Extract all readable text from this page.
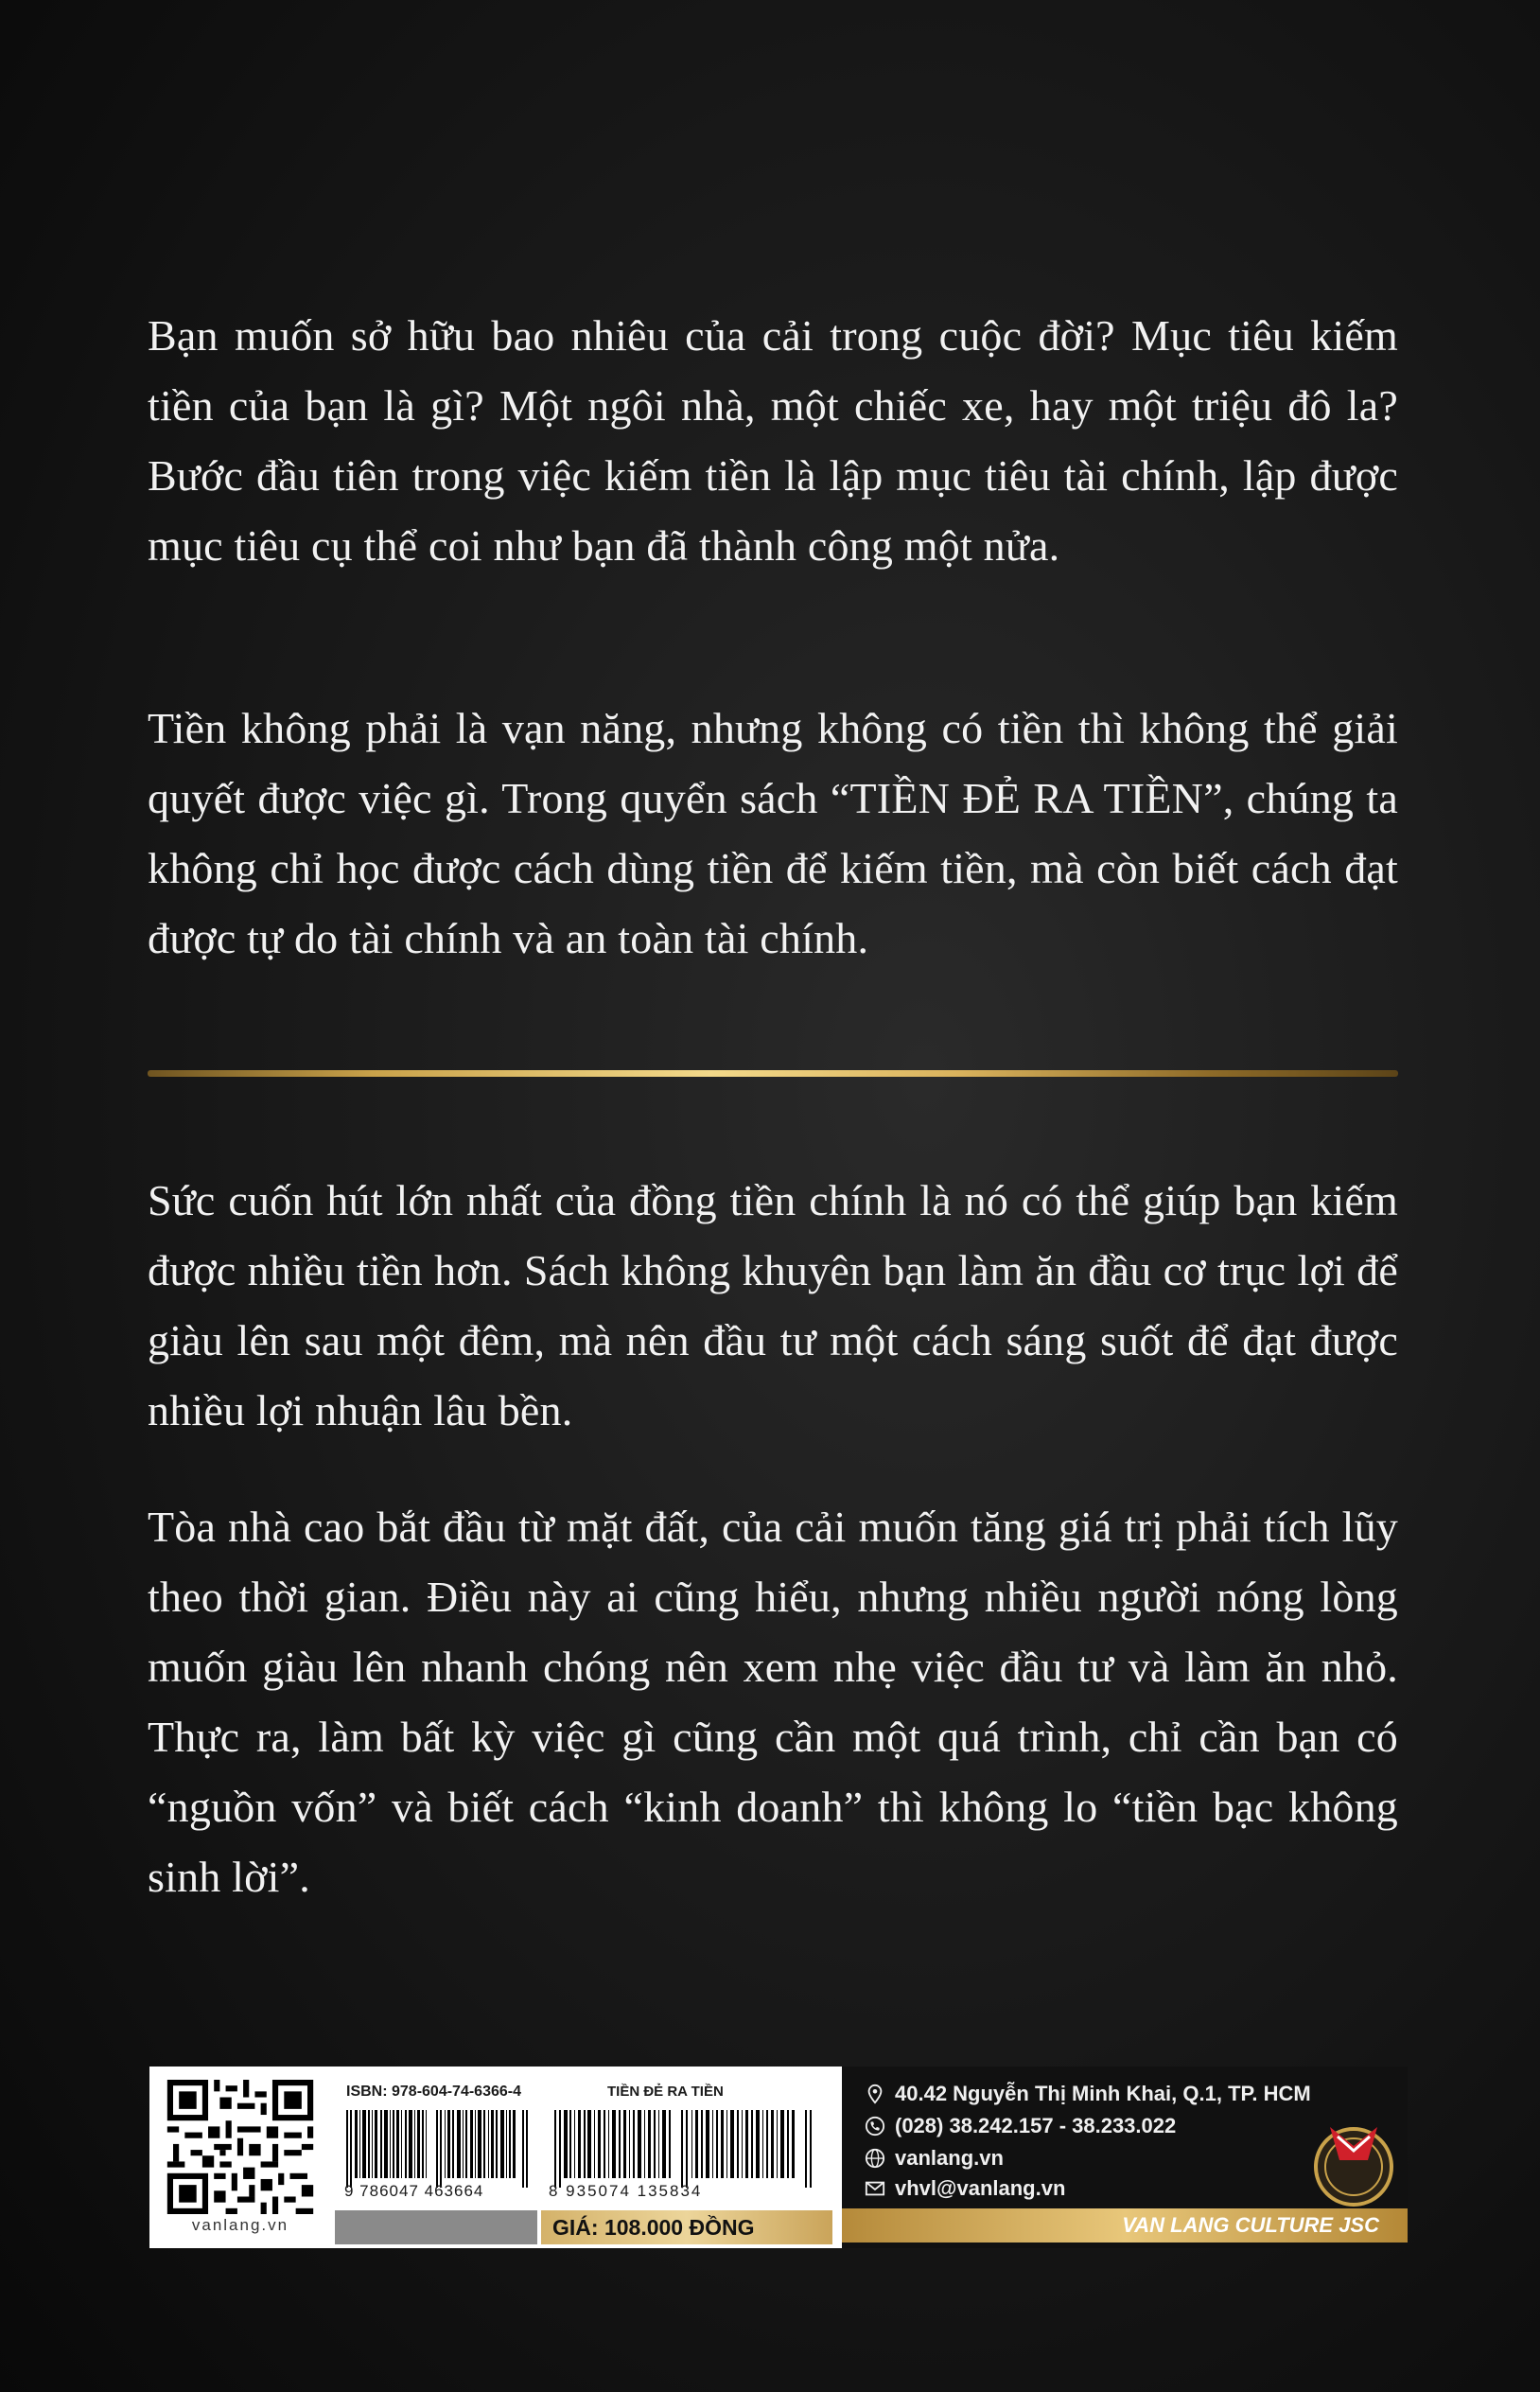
Bạn muốn sở hữu bao nhiêu của cải trong cuộc đời? Mục tiêu kiếm tiền của bạn là gì? Một ngôi nhà, một chiếc xe, hay một triệu đô la? Bước đầu tiên trong việc kiếm tiền là lập mục tiêu tài chính, lập được mục tiêu cụ thể coi như bạn đã thành công một nửa.

Tiền không phải là vạn năng, nhưng không có tiền thì không thể giải quyết được việc gì. Trong quyển sách “TIỀN ĐẺ RA TIỀN”, chúng ta không chỉ học được cách dùng tiền để kiếm tiền, mà còn biết cách đạt được tự do tài chính và an toàn tài chính.

Sức cuốn hút lớn nhất của đồng tiền chính là nó có thể giúp bạn kiếm được nhiều tiền hơn. Sách không khuyên bạn làm ăn đầu cơ trục lợi để giàu lên sau một đêm, mà nên đầu tư một cách sáng suốt để đạt được nhiều lợi nhuận lâu bền.

Tòa nhà cao bắt đầu từ mặt đất, của cải muốn tăng giá trị phải tích lũy theo thời gian. Điều này ai cũng hiểu, nhưng nhiều người nóng lòng muốn giàu lên nhanh chóng nên xem nhẹ việc đầu tư và làm ăn nhỏ. Thực ra, làm bất kỳ việc gì cũng cần một quá trình, chỉ cần bạn có “nguồn vốn” và biết cách “kinh doanh” thì không lo “tiền bạc không sinh lời”.

vanlang.vn
ISBN: 978-604-74-6366-4
9 786047 463664
TIỀN ĐẺ RA TIỀN
8 935074 135834
GIÁ: 108.000 ĐỒNG
40.42 Nguyễn Thị Minh Khai, Q.1, TP. HCM
(028) 38.242.157 - 38.233.022
vanlang.vn
vhvl@vanlang.vn
VAN LANG CULTURE JSC
